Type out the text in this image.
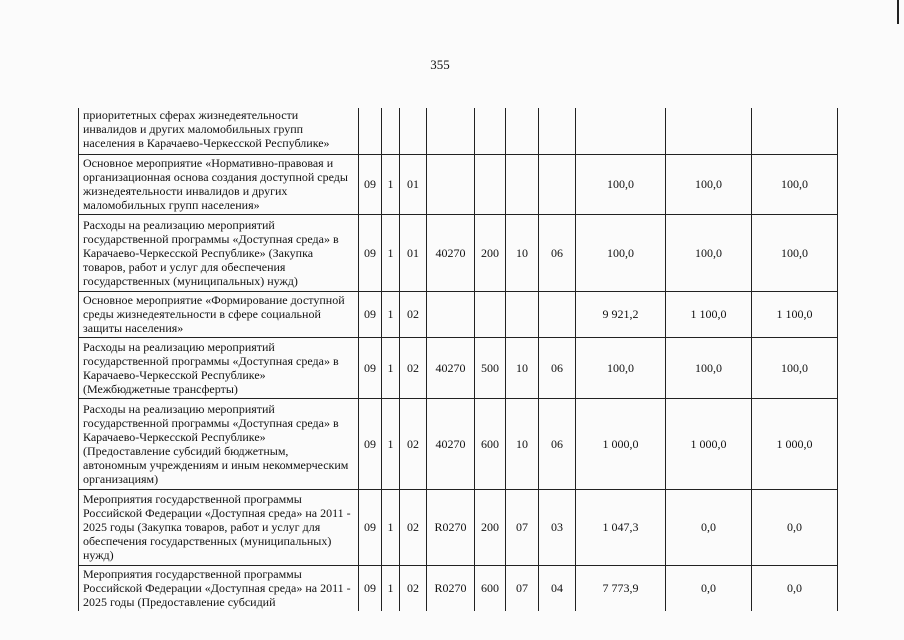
355
приоритетных сферах жизнедеятельности инвалидов и других маломобильных групп населения в Карачаево-Черкесской Республике»										
Основное мероприятие «Нормативно-правовая и организационная основа создания доступной среды жизнедеятельности инвалидов и других маломобильных групп населения»	09	1	01					100,0	100,0	100,0
Расходы на реализацию мероприятий государственной программы «Доступная среда» в Карачаево-Черкесской Республике» (Закупка товаров, работ и услуг для обеспечения государственных (муниципальных) нужд)	09	1	01	40270	200	10	06	100,0	100,0	100,0
Основное мероприятие «Формирование доступной среды жизнедеятельности в сфере социальной защиты населения»	09	1	02					9 921,2	1 100,0	1 100,0
Расходы на реализацию мероприятий государственной программы «Доступная среда» в Карачаево-Черкесской Республике» (Межбюджетные трансферты)	09	1	02	40270	500	10	06	100,0	100,0	100,0
Расходы на реализацию мероприятий государственной программы «Доступная среда» в Карачаево-Черкесской Республике» (Предоставление субсидий бюджетным, автономным учреждениям и иным некоммерческим организациям)	09	1	02	40270	600	10	06	1 000,0	1 000,0	1 000,0
Мероприятия государственной программы Российской Федерации «Доступная среда» на 2011 - 2025 годы (Закупка товаров, работ и услуг для обеспечения государственных (муниципальных) нужд)	09	1	02	R0270	200	07	03	1 047,3	0,0	0,0
Мероприятия государственной программы Российской Федерации «Доступная среда» на 2011 - 2025 годы (Предоставление субсидий	09	1	02	R0270	600	07	04	7 773,9	0,0	0,0
